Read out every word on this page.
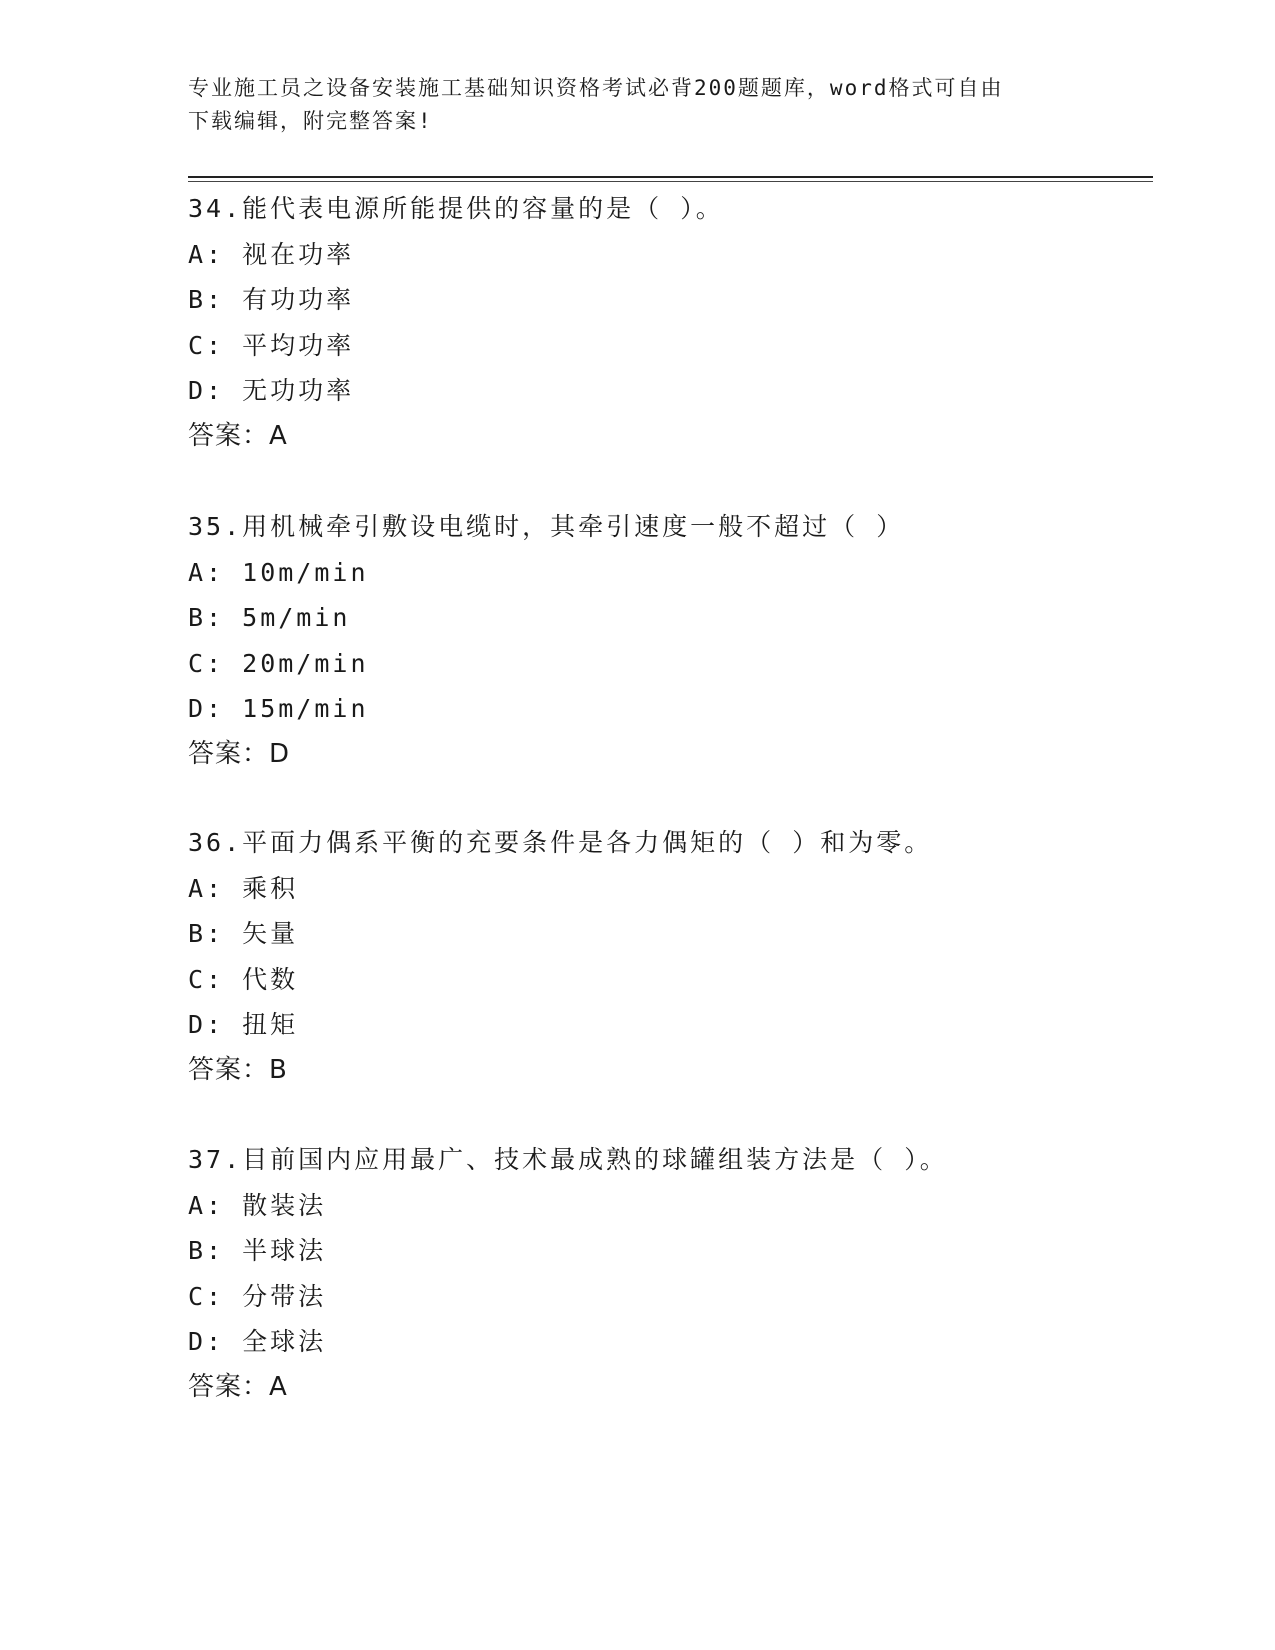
专业施工员之设备安装施工基础知识资格考试必背200题题库，word格式可自由
下载编辑，附完整答案!
34.能代表电源所能提供的容量的是（ ）。
A: 视在功率
B: 有功功率
C: 平均功率
D: 无功功率
答案：A
35.用机械牵引敷设电缆时，其牵引速度一般不超过（ ）
A: 10m/min
B: 5m/min
C: 20m/min
D: 15m/min
答案：D
36.平面力偶系平衡的充要条件是各力偶矩的（ ）和为零。
A: 乘积
B: 矢量
C: 代数
D: 扭矩
答案：B
37.目前国内应用最广、技术最成熟的球罐组装方法是（ ）。
A: 散装法
B: 半球法
C: 分带法
D: 全球法
答案：A
